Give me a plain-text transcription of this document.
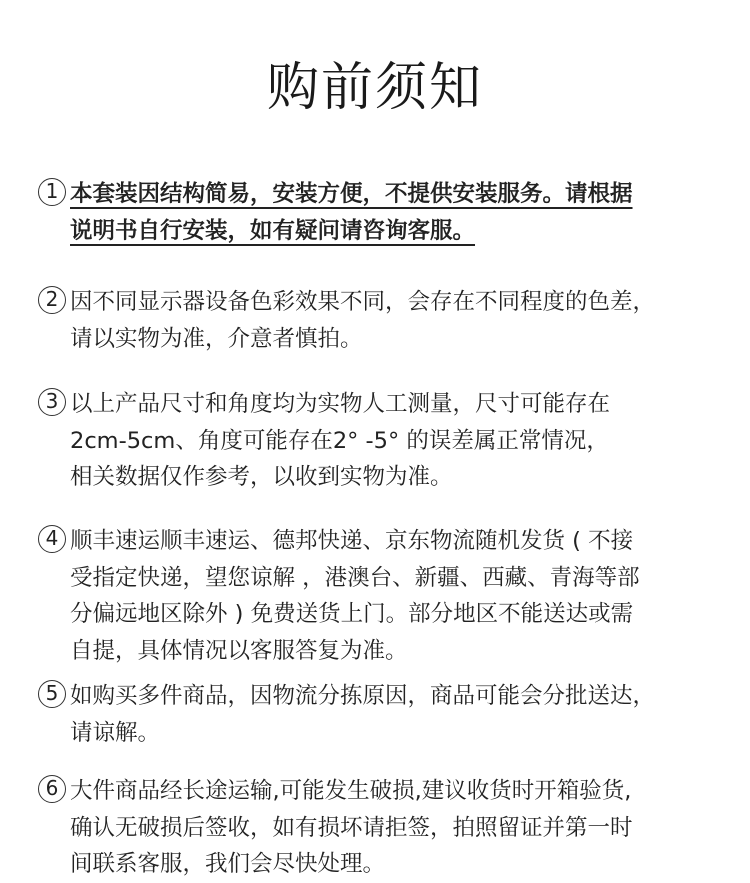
购前须知
1 本套装因结构简易，安装方便，不提供安装服务。请根据
说明书自行安装，如有疑问请咨询客服。
2 因不同显示器设备色彩效果不同，会存在不同程度的色差，
请以实物为准，介意者慎拍。
3 以上产品尺寸和角度均为实物人工测量，尺寸可能存在
2cm-5cm、角度可能存在2° -5° 的误差属正常情况，
相关数据仅作参考，以收到实物为准。
4 顺丰速运顺丰速运、德邦快递、京东物流随机发货 ( 不接
受指定快递，望您谅解 ，港澳台、新疆、西藏、青海等部
分偏远地区除外 ) 免费送货上门。部分地区不能送达或需
自提，具体情况以客服答复为准。
5 如购买多件商品，因物流分拣原因，商品可能会分批送达，
请谅解。
6 大件商品经长途运输,可能发生破损,建议收货时开箱验货,
确认无破损后签收，如有损坏请拒签，拍照留证并第一时
间联系客服，我们会尽快处理。
